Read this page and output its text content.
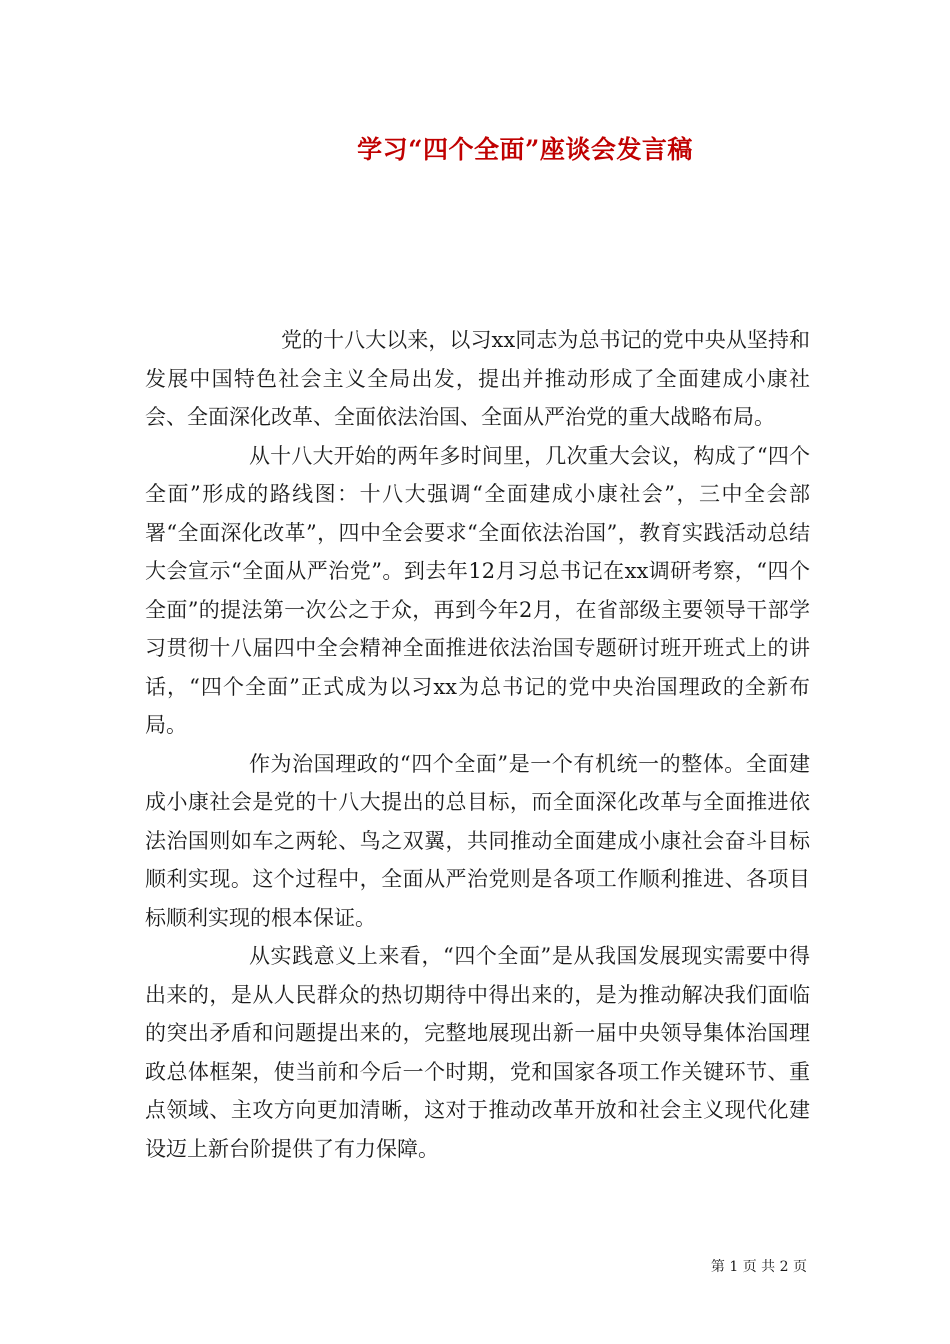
学习“四个全面”座谈会发言稿

党的十八大以来，以习xx同志为总书记的党中央从坚持和发展中国特色社会主义全局出发，提出并推动形成了全面建成小康社会、全面深化改革、全面依法治国、全面从严治党的重大战略布局。

从十八大开始的两年多时间里，几次重大会议，构成了“四个全面”形成的路线图：十八大强调“全面建成小康社会”，三中全会部署“全面深化改革”，四中全会要求“全面依法治国”，教育实践活动总结大会宣示“全面从严治党”。到去年12月习总书记在xx调研考察，“四个全面”的提法第一次公之于众，再到今年2月，在省部级主要领导干部学习贯彻十八届四中全会精神全面推进依法治国专题研讨班开班式上的讲话，“四个全面”正式成为以习xx为总书记的党中央治国理政的全新布局。

作为治国理政的“四个全面”是一个有机统一的整体。全面建成小康社会是党的十八大提出的总目标，而全面深化改革与全面推进依法治国则如车之两轮、鸟之双翼，共同推动全面建成小康社会奋斗目标顺利实现。这个过程中，全面从严治党则是各项工作顺利推进、各项目标顺利实现的根本保证。

从实践意义上来看，“四个全面”是从我国发展现实需要中得出来的，是从人民群众的热切期待中得出来的，是为推动解决我们面临的突出矛盾和问题提出来的，完整地展现出新一届中央领导集体治国理政总体框架，使当前和今后一个时期，党和国家各项工作关键环节、重点领域、主攻方向更加清晰，这对于推动改革开放和社会主义现代化建设迈上新台阶提供了有力保障。

第 1 页 共 2 页
